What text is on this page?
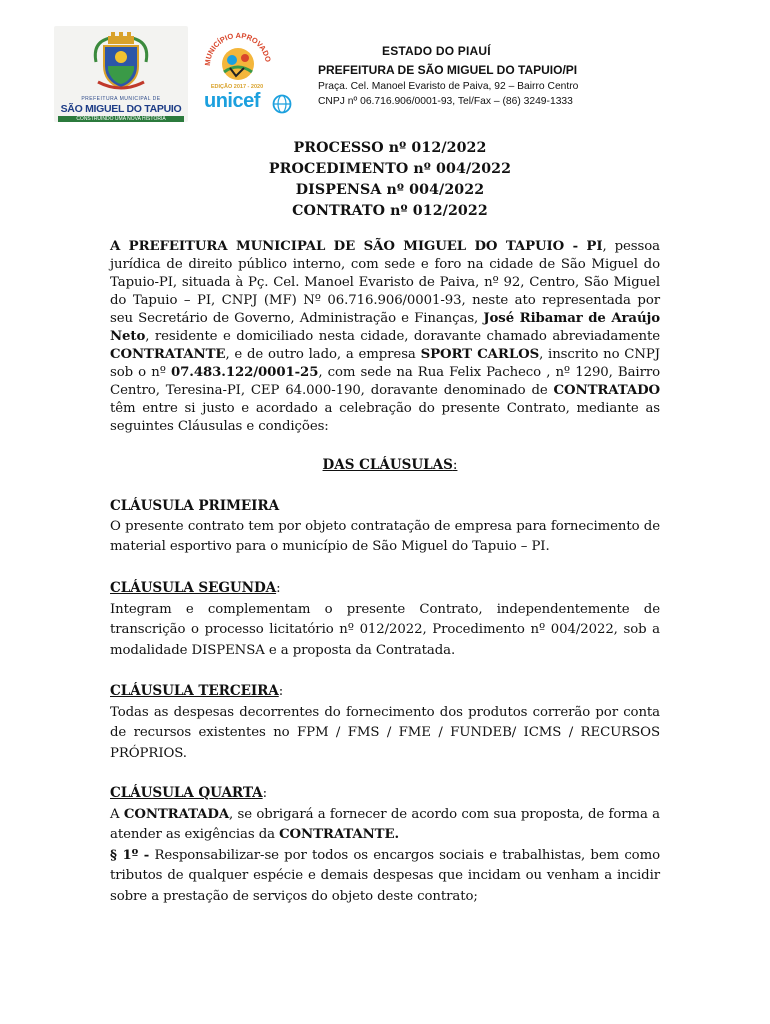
PREFEITURA MUNICIPAL DE
SÃO MIGUEL DO TAPUIO
CONSTRUINDO UMA NOVA HISTÓRIA
MUNICÍPIO APROVADO
EDIÇÃO 2017 - 2020
unicef
ESTADO DO PIAUÍ
PREFEITURA DE SÃO MIGUEL DO TAPUIO/PI
Praça. Cel. Manoel Evaristo de Paiva, 92 – Bairro Centro
CNPJ nº 06.716.906/0001-93, Tel/Fax – (86) 3249-1333
PROCESSO nº 012/2022
PROCEDIMENTO nº 004/2022
DISPENSA nº 004/2022
CONTRATO nº 012/2022

A PREFEITURA MUNICIPAL DE SÃO MIGUEL DO TAPUIO - PI, pessoa jurídica de direito público interno, com sede e foro na cidade de São Miguel do Tapuio-PI, situada à Pç. Cel. Manoel Evaristo de Paiva, nº 92, Centro, São Miguel do Tapuio – PI, CNPJ (MF) Nº 06.716.906/0001-93, neste ato representada por seu Secretário de Governo, Administração e Finanças, José Ribamar de Araújo Neto, residente e domiciliado nesta cidade, doravante chamado abreviadamente CONTRATANTE, e de outro lado, a empresa SPORT CARLOS, inscrito no CNPJ sob o nº 07.483.122/0001-25, com sede na Rua Felix Pacheco , nº 1290, Bairro Centro, Teresina-PI, CEP 64.000-190, doravante denominado de CONTRATADO têm entre si justo e acordado a celebração do presente Contrato, mediante as seguintes Cláusulas e condições:

DAS CLÁUSULAS:
CLÁUSULA PRIMEIRA

O presente contrato tem por objeto contratação de empresa para fornecimento de material esportivo para o município de São Miguel do Tapuio – PI.

CLÁUSULA SEGUNDA:

Integram e complementam o presente Contrato, independentemente de transcrição o processo licitatório nº 012/2022, Procedimento nº 004/2022, sob a modalidade DISPENSA e a proposta da Contratada.

CLÁUSULA TERCEIRA:

Todas as despesas decorrentes do fornecimento dos produtos correrão por conta de recursos existentes no FPM / FMS / FME / FUNDEB/ ICMS / RECURSOS PRÓPRIOS.

CLÁUSULA QUARTA:

A CONTRATADA, se obrigará a fornecer de acordo com sua proposta, de forma a atender as exigências da CONTRATANTE.

§ 1º - Responsabilizar-se por todos os encargos sociais e trabalhistas, bem como tributos de qualquer espécie e demais despesas que incidam ou venham a incidir sobre a prestação de serviços do objeto deste contrato;
